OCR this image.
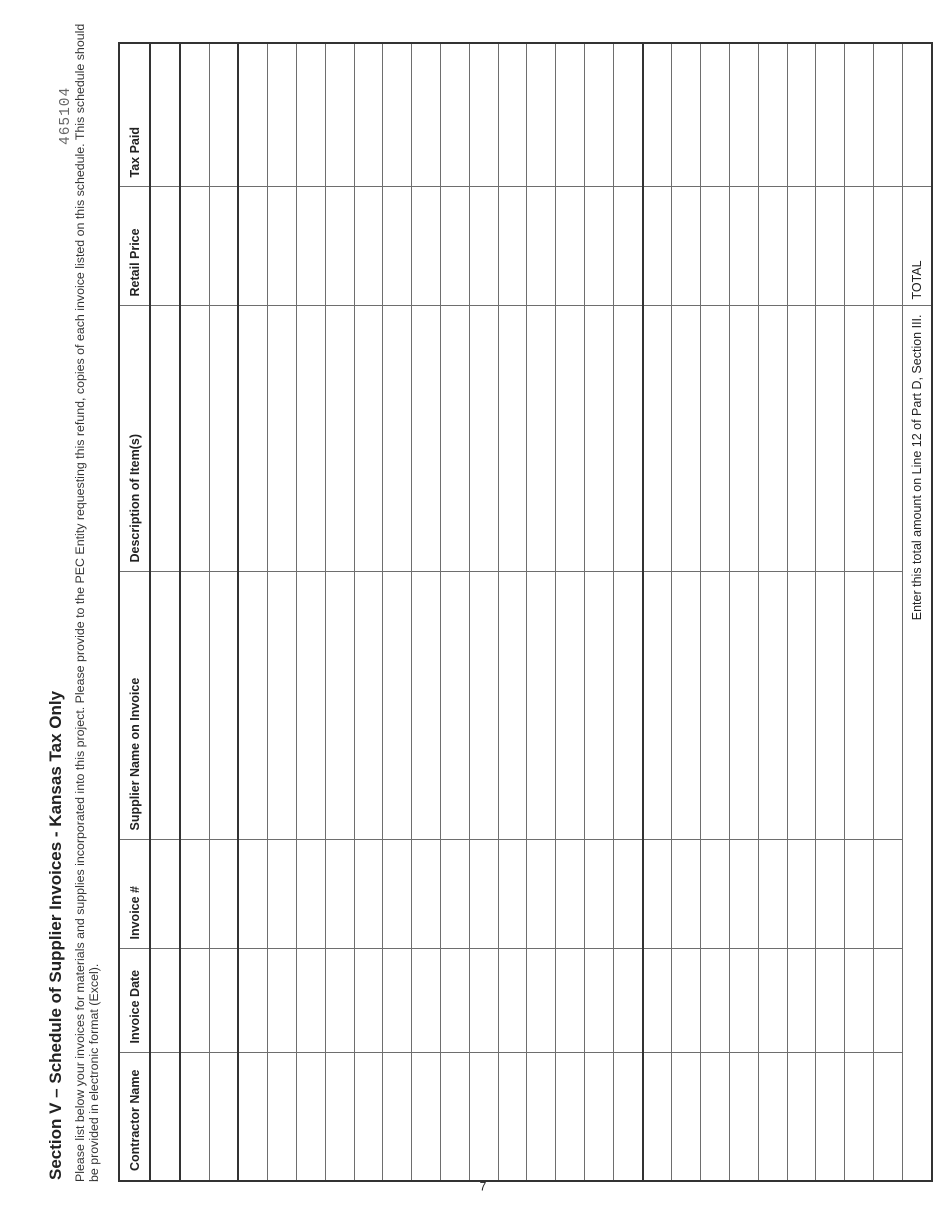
Section V – Schedule of Supplier Invoices - Kansas Tax Only
465104 Please list below your invoices for materials and supplies incorporated into this project. Please provide to the PEC Entity requesting this refund, copies of each invoice listed on this schedule. This schedule should be provided in electronic format (Excel).
7
Contractor Name	Invoice Date	Invoice #	Supplier Name on Invoice	Description of Item(s)	Retail Price	Tax Paid

Enter this total amount on Line 12 of Part D, Section III.					TOTAL	
